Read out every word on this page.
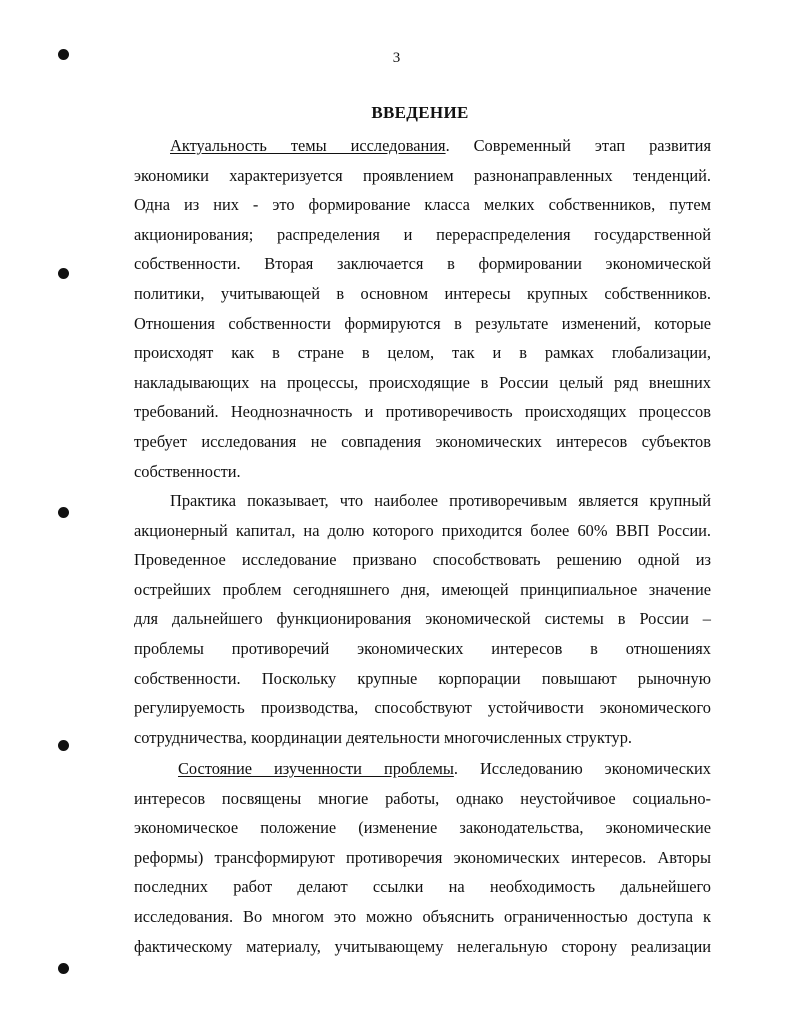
3
ВВЕДЕНИЕ
Актуальность темы исследования. Современный этап развития
экономики характеризуется проявлением разнонаправленных тенденций.
Одна из них - это формирование класса мелких собственников, путем
акционирования; распределения и перераспределения государственной
собственности. Вторая заключается в формировании экономической
политики, учитывающей в основном интересы крупных собственников.
Отношения собственности формируются в результате изменений, которые
происходят как в стране в целом, так и в рамках глобализации,
накладывающих на процессы, происходящие в России целый ряд внешних
требований. Неоднозначность и противоречивость происходящих процессов
требует исследования не совпадения экономических интересов субъектов
собственности.
Практика показывает, что наиболее противоречивым является крупный
акционерный капитал, на долю которого приходится более 60% ВВП России.
Проведенное исследование призвано способствовать решению одной из
острейших проблем сегодняшнего дня, имеющей принципиальное значение
для дальнейшего функционирования экономической системы в России –
проблемы противоречий экономических интересов в отношениях
собственности. Поскольку крупные корпорации повышают рыночную
регулируемость производства, способствуют устойчивости экономического
сотрудничества, координации деятельности многочисленных структур.
Состояние изученности проблемы. Исследованию экономических
интересов посвящены многие работы, однако неустойчивое социально-
экономическое положение (изменение законодательства, экономические
реформы) трансформируют противоречия экономических интересов. Авторы
последних работ делают ссылки на необходимость дальнейшего
исследования. Во многом это можно объяснить ограниченностью доступа к
фактическому материалу, учитывающему нелегальную сторону реализации
